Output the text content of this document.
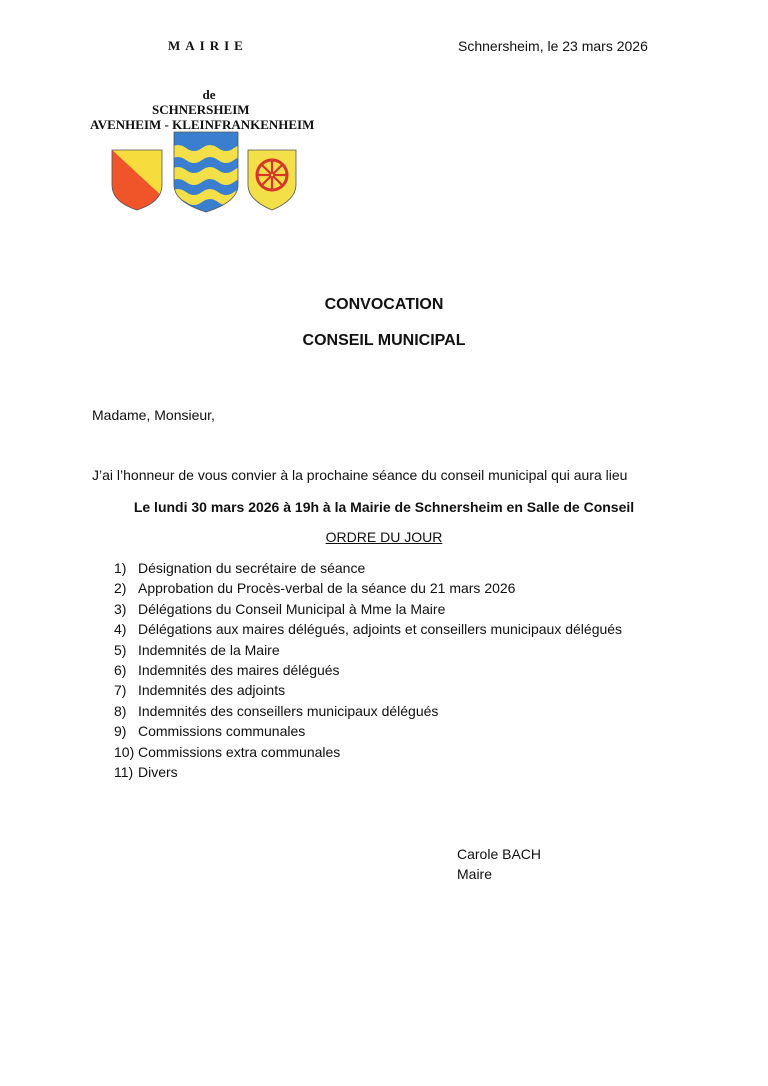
MAIRIE	Schnersheim, le 23 mars 2026
de
SCHNERSHEIM
AVENHEIM - KLEINFRANKENHEIM
CONVOCATION
CONSEIL MUNICIPAL
Madame, Monsieur,
J’ai l’honneur de vous convier à la prochaine séance du conseil municipal qui aura lieu
Le lundi 30 mars 2026 à 19h à la Mairie de Schnersheim en Salle de Conseil
ORDRE DU JOUR
1) Désignation du secrétaire de séance
2) Approbation du Procès-verbal de la séance du 21 mars 2026
3) Délégations du Conseil Municipal à Mme la Maire
4) Délégations aux maires délégués, adjoints et conseillers municipaux délégués
5) Indemnités de la Maire
6) Indemnités des maires délégués
7) Indemnités des adjoints
8) Indemnités des conseillers municipaux délégués
9) Commissions communales
10) Commissions extra communales
11) Divers
Carole BACH
Maire
